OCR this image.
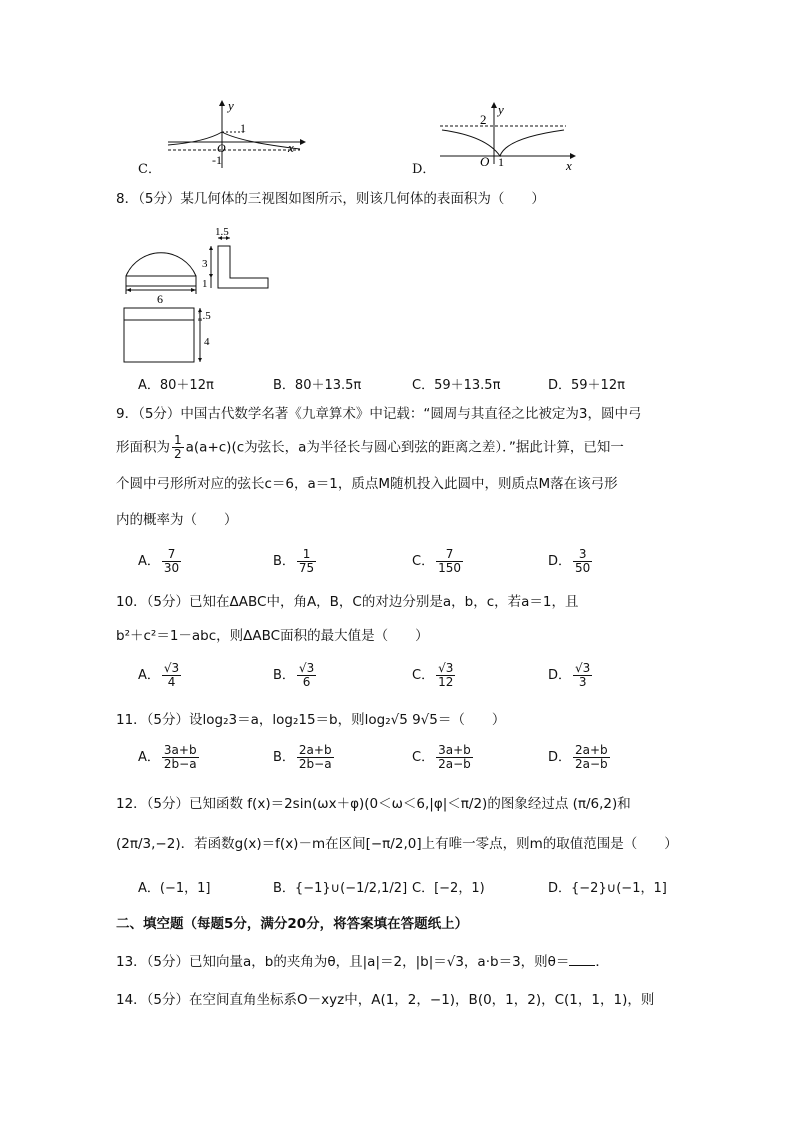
C．
y
x
1
O
-1
D．
y
2
O 1	x
8．（5分）某几何体的三视图如图所示，则该几何体的表面积为（　　）
6
1.5
3
1
1.5
4
A．80＋12π	B．80＋13.5π	C．59＋13.5π	D．59＋12π
9．（5分）中国古代数学名著《九章算术》中记载：“圆周与其直径之比被定为3，圆中弓
形面积为 $\frac{1}{2} a(a+c)(c$为弦长，a为半径长与圆心到弦的距离之差）．”据此计算，已知一
个圆中弓形所对应的弦长c＝6，a＝1，质点M随机投入此圆中，则质点M落在该弓形
内的概率为（　　）
A． $\frac{7}{30}$	B． $\frac{1}{75}$	C． $\frac{7}{150}$	D． $\frac{3}{50}$
10．（5分）已知在ΔABC中，角A，B，C的对边分别是a，b，c，若a＝1，且
b²＋c²＝1－abc，则ΔABC面积的最大值是（　　）
A． $\frac{√3}{4}$	B． $\frac{√3}{6}$	C． $\frac{√3}{12}$	D． $\frac{√3}{3}$
11．（5分）设log₂3＝a，log₂15＝b，则log₂√5 9√5＝（　　）
A． $\frac{3a+b}{2b-a}$	B． $\frac{2a+b}{2b-a}$	C． $\frac{3a+b}{2a-b}$	D． $\frac{2a+b}{2a-b}$
12．（5分）已知函数 f(x)＝2sin(ωx＋φ)(0＜ω＜6,|φ|＜π/2)的图象经过点 (π/6,2)和
(2π/3,−2)．若函数g(x)＝f(x)－m在区间[−π/2,0]上有唯一零点，则m的取值范围是（　　）
A．(−1，1]	B．{−1}∪(−1/2,1/2] C．[−2，1)	D．{−2}∪(−1，1]
二、填空题（每题5分，满分20分，将答案填在答题纸上）
13．（5分）已知向量a，b的夹角为θ，且|a|＝2，|b|＝√3，a·b＝3，则θ＝ ．
14．（5分）在空间直角坐标系O－xyz中，A(1，2，−1)，B(0，1，2)，C(1，1，1)，则
